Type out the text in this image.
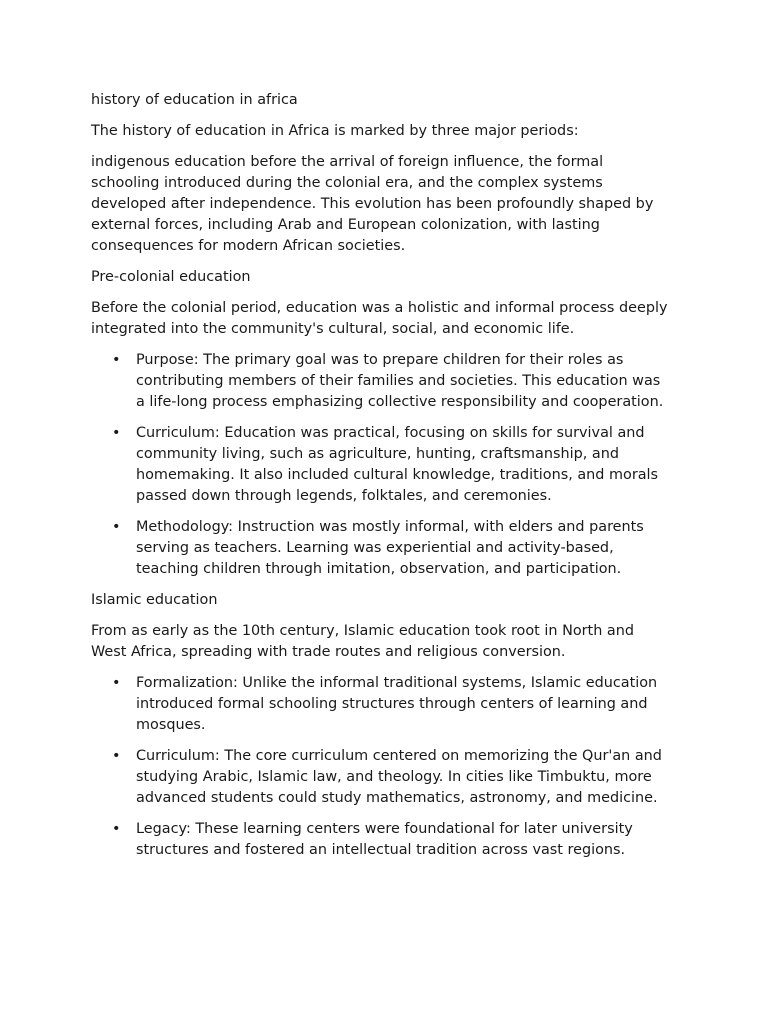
history of education in africa

The history of education in Africa is marked by three major periods:

indigenous education before the arrival of foreign influence, the formal schooling introduced during the colonial era, and the complex systems developed after independence. This evolution has been profoundly shaped by external forces, including Arab and European colonization, with lasting consequences for modern African societies.

Pre-colonial education

Before the colonial period, education was a holistic and informal process deeply integrated into the community's cultural, social, and economic life.

• Purpose: The primary goal was to prepare children for their roles as contributing members of their families and societies. This education was a life-long process emphasizing collective responsibility and cooperation.
• Curriculum: Education was practical, focusing on skills for survival and community living, such as agriculture, hunting, craftsmanship, and homemaking. It also included cultural knowledge, traditions, and morals passed down through legends, folktales, and ceremonies.
• Methodology: Instruction was mostly informal, with elders and parents serving as teachers. Learning was experiential and activity-based, teaching children through imitation, observation, and participation.

Islamic education

From as early as the 10th century, Islamic education took root in North and West Africa, spreading with trade routes and religious conversion.

• Formalization: Unlike the informal traditional systems, Islamic education introduced formal schooling structures through centers of learning and mosques.
• Curriculum: The core curriculum centered on memorizing the Qur'an and studying Arabic, Islamic law, and theology. In cities like Timbuktu, more advanced students could study mathematics, astronomy, and medicine.
• Legacy: These learning centers were foundational for later university structures and fostered an intellectual tradition across vast regions.
